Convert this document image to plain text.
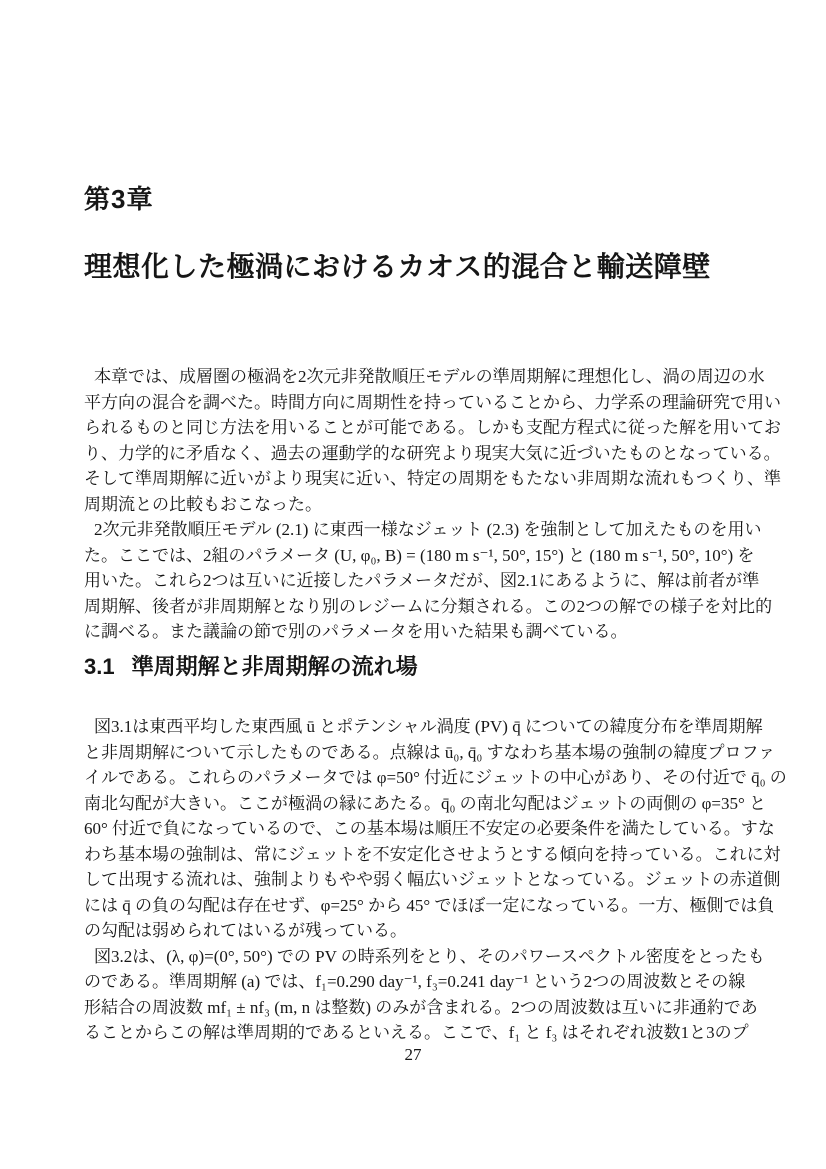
第3章
理想化した極渦におけるカオス的混合と輸送障壁
本章では、成層圏の極渦を2次元非発散順圧モデルの準周期解に理想化し、渦の周辺の水
平方向の混合を調べた。時間方向に周期性を持っていることから、力学系の理論研究で用い
られるものと同じ方法を用いることが可能である。しかも支配方程式に従った解を用いてお
り、力学的に矛盾なく、過去の運動学的な研究より現実大気に近づいたものとなっている。
そして準周期解に近いがより現実に近い、特定の周期をもたない非周期な流れもつくり、準
周期流との比較もおこなった。
2次元非発散順圧モデル (2.1) に東西一様なジェット (2.3) を強制として加えたものを用い
た。ここでは、2組のパラメータ (U, φ₀, B) = (180 m s⁻¹, 50°, 15°) と (180 m s⁻¹, 50°, 10°) を
用いた。これら2つは互いに近接したパラメータだが、図2.1にあるように、解は前者が準
周期解、後者が非周期解となり別のレジームに分類される。この2つの解での様子を対比的
に調べる。また議論の節で別のパラメータを用いた結果も調べている。
3.1 準周期解と非周期解の流れ場
図3.1は東西平均した東西風 ū とポテンシャル渦度 (PV) q̄ についての緯度分布を準周期解
と非周期解について示したものである。点線は ū₀, q̄₀ すなわち基本場の強制の緯度プロファ
イルである。これらのパラメータでは φ=50° 付近にジェットの中心があり、その付近で q̄₀ の
南北勾配が大きい。ここが極渦の縁にあたる。q̄₀ の南北勾配はジェットの両側の φ=35° と
60° 付近で負になっているので、この基本場は順圧不安定の必要条件を満たしている。すな
わち基本場の強制は、常にジェットを不安定化させようとする傾向を持っている。これに対
して出現する流れは、強制よりもやや弱く幅広いジェットとなっている。ジェットの赤道側
には q̄ の負の勾配は存在せず、φ=25° から 45° でほぼ一定になっている。一方、極側では負
の勾配は弱められてはいるが残っている。
図3.2は、(λ, φ)=(0°, 50°) での PV の時系列をとり、そのパワースペクトル密度をとったも
のである。準周期解 (a) では、f₁=0.290 day⁻¹, f₃=0.241 day⁻¹ という2つの周波数とその線
形結合の周波数 mf₁ ± nf₃ (m, n は整数) のみが含まれる。2つの周波数は互いに非通約であ
ることからこの解は準周期的であるといえる。ここで、f₁ と f₃ はそれぞれ波数1と3のプ
27
